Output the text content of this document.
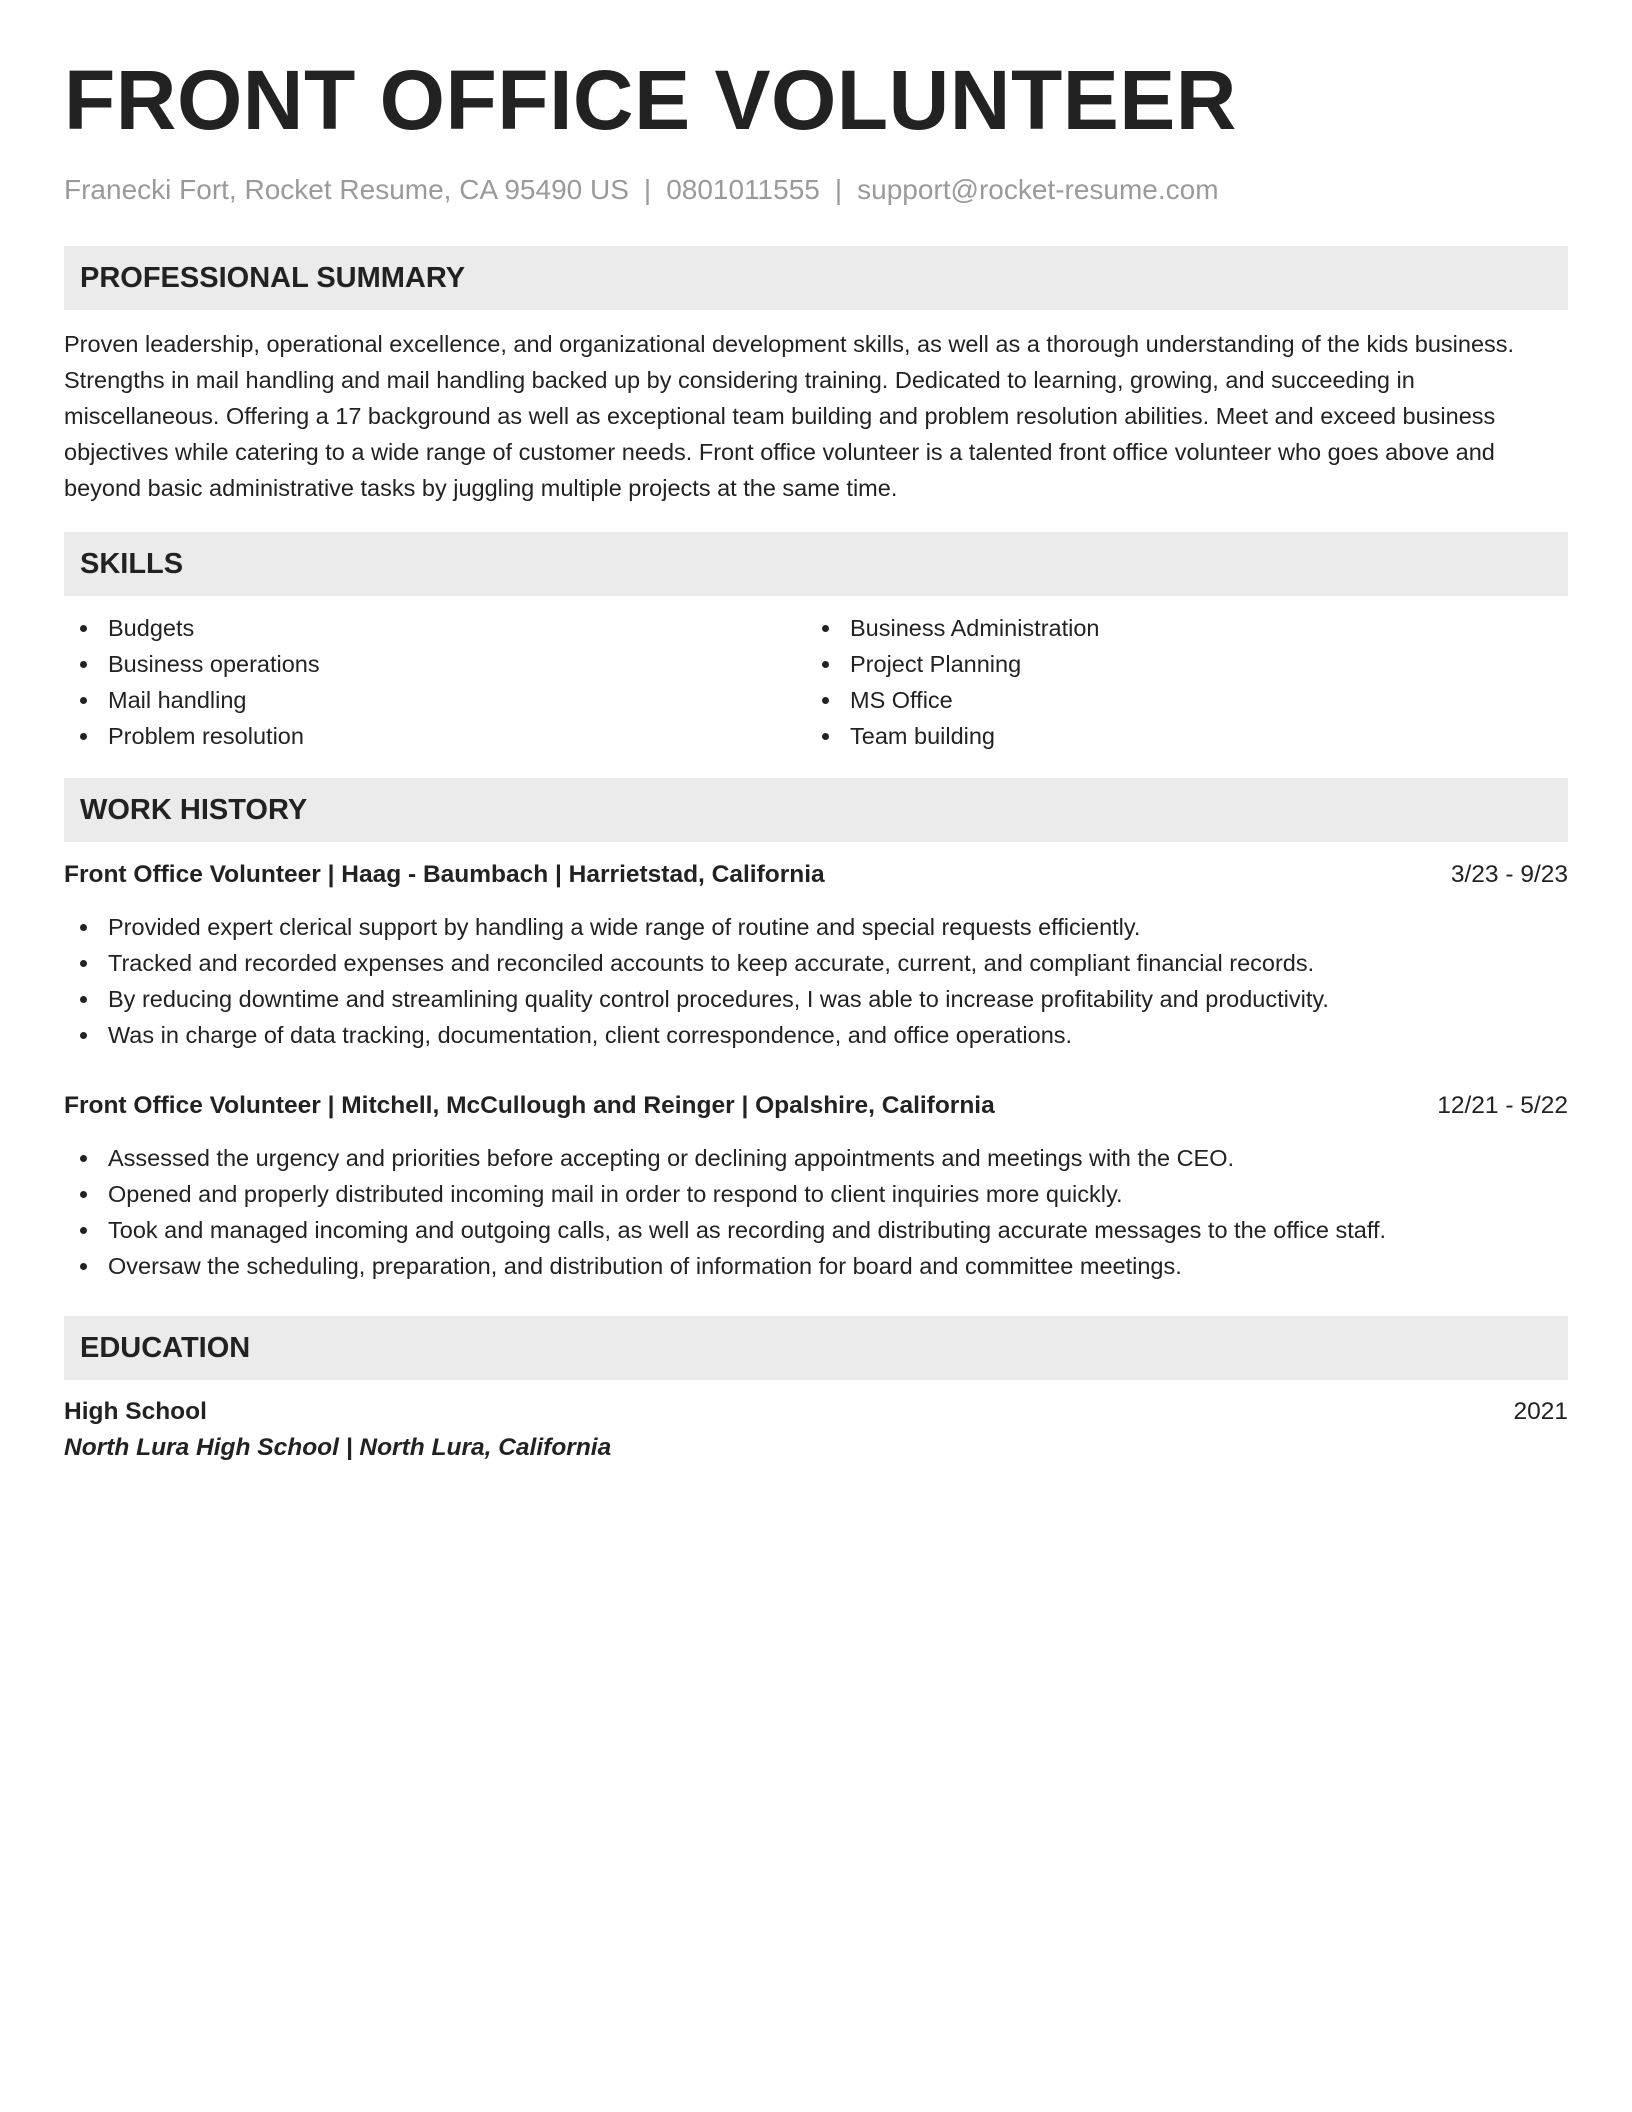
FRONT OFFICE VOLUNTEER
Franecki Fort, Rocket Resume, CA 95490 US | 0801011555 | support@rocket-resume.com
PROFESSIONAL SUMMARY

Proven leadership, operational excellence, and organizational development skills, as well as a thorough understanding of the kids business. Strengths in mail handling and mail handling backed up by considering training. Dedicated to learning, growing, and succeeding in miscellaneous. Offering a 17 background as well as exceptional team building and problem resolution abilities. Meet and exceed business objectives while catering to a wide range of customer needs. Front office volunteer is a talented front office volunteer who goes above and beyond basic administrative tasks by juggling multiple projects at the same time.

SKILLS
Budgets
Business operations
Mail handling
Problem resolution
Business Administration
Project Planning
MS Office
Team building
WORK HISTORY
Front Office Volunteer | Haag - Baumbach | Harrietstad, California	3/23 - 9/23
Provided expert clerical support by handling a wide range of routine and special requests efficiently.
Tracked and recorded expenses and reconciled accounts to keep accurate, current, and compliant financial records.
By reducing downtime and streamlining quality control procedures, I was able to increase profitability and productivity.
Was in charge of data tracking, documentation, client correspondence, and office operations.
Front Office Volunteer | Mitchell, McCullough and Reinger | Opalshire, California	12/21 - 5/22
Assessed the urgency and priorities before accepting or declining appointments and meetings with the CEO.
Opened and properly distributed incoming mail in order to respond to client inquiries more quickly.
Took and managed incoming and outgoing calls, as well as recording and distributing accurate messages to the office staff.
Oversaw the scheduling, preparation, and distribution of information for board and committee meetings.
EDUCATION
High School	2021
North Lura High School | North Lura, California
